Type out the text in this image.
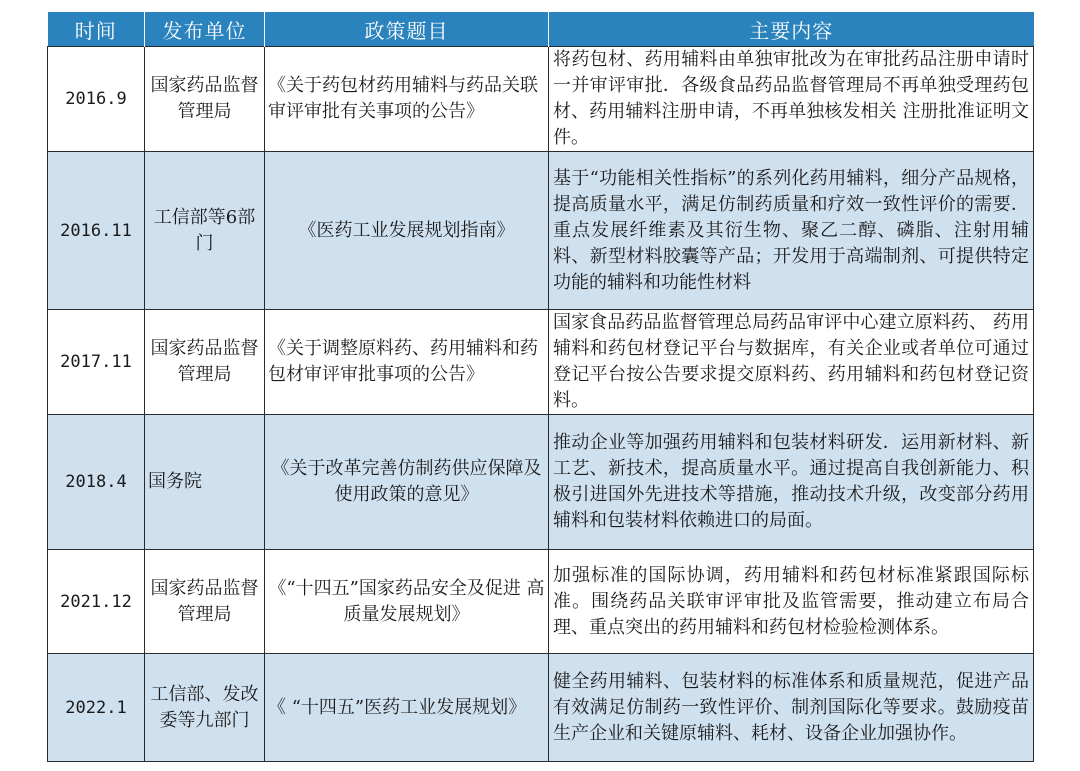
时间	发布单位	政策题目	主要内容
2016.9	国家药品监督管理局	《关于药包材药用辅料与药品关联审评审批有关事项的公告》	将药包材、药用辅料由单独审批改为在审批药品注册申请时一并审评审批．各级食品药品监督管理局不再单独受理药包材、药用辅料注册申请，不再单独核发相关 注册批准证明文件。
2016.11	工信部等6部门	《医药工业发展规划指南》	基于“功能相关性指标”的系列化药用辅料，细分产品规格，提高质量水平，满足仿制药质量和疗效一致性评价的需要．重点发展纤维素及其衍生物、聚乙二醇、磷脂、注射用辅料、新型材料胶囊等产品；开发用于高端制剂、可提供特定功能的辅料和功能性材料
2017.11	国家药品监督管理局	《关于调整原料药、药用辅料和药包材审评审批事项的公告》	国家食品药品监督管理总局药品审评中心建立原料药、 药用辅料和药包材登记平台与数据库，有关企业或者单位可通过登记平台按公告要求提交原料药、药用辅料和药包材登记资料。
2018.4	国务院	《关于改革完善仿制药供应保障及使用政策的意见》	推动企业等加强药用辅料和包装材料研发．运用新材料、新工艺、新技术，提高质量水平。通过提高自我创新能力、积极引进国外先进技术等措施，推动技术升级，改变部分药用辅料和包装材料依赖进口的局面。
2021.12	国家药品监督管理局	《“十四五”国家药品安全及促进 高质量发展规划》	加强标准的国际协调，药用辅料和药包材标准紧跟国际标准。围绕药品关联审评审批及监管需要，推动建立布局合理、重点突出的药用辅料和药包材检验检测体系。
2022.1	工信部、发改委等九部门	《 “十四五”医药工业发展规划》	健全药用辅料、包装材料的标准体系和质量规范，促进产品有效满足仿制药一致性评价、制剂国际化等要求。鼓励疫苗生产企业和关键原辅料、耗材、设备企业加强协作。
